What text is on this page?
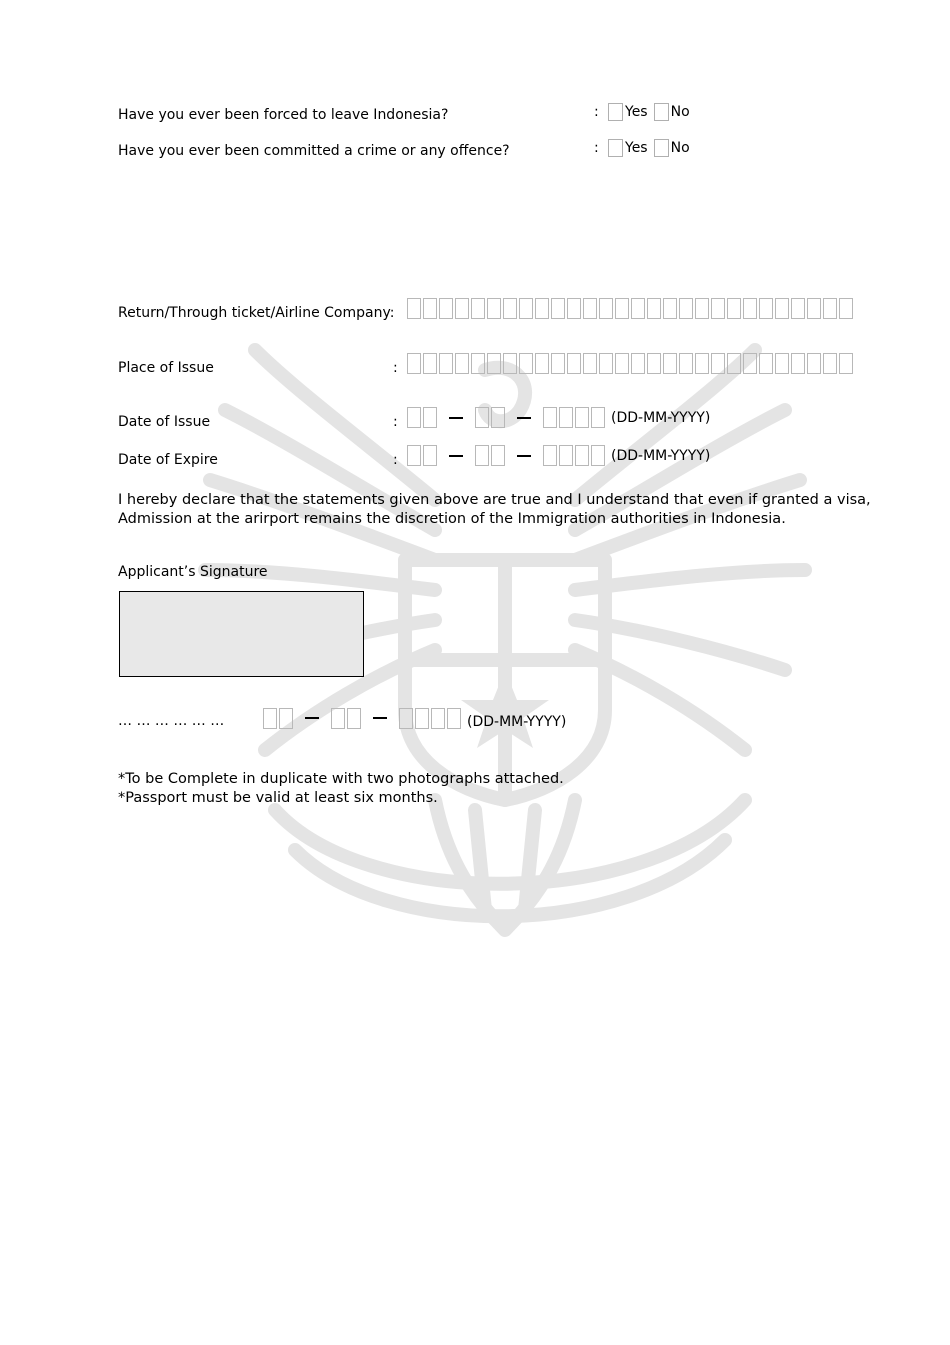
Have you ever been forced to leave Indonesia?	:	Yes No
Have you ever been committed a crime or any offence?	:	Yes No
Return/Through ticket/Airline Company:
Place of Issue	:
Date of Issue	:	(DD-MM-YYYY)
Date of Expire	:	(DD-MM-YYYY)
I hereby declare that the statements given above are true and I understand that even if granted a visa,
Admission at the arirport remains the discretion of the Immigration authorities in Indonesia.
Applicant’s Signature
… … … … … …	(DD-MM-YYYY)
*To be Complete in duplicate with two photographs attached.
*Passport must be valid at least six months.
